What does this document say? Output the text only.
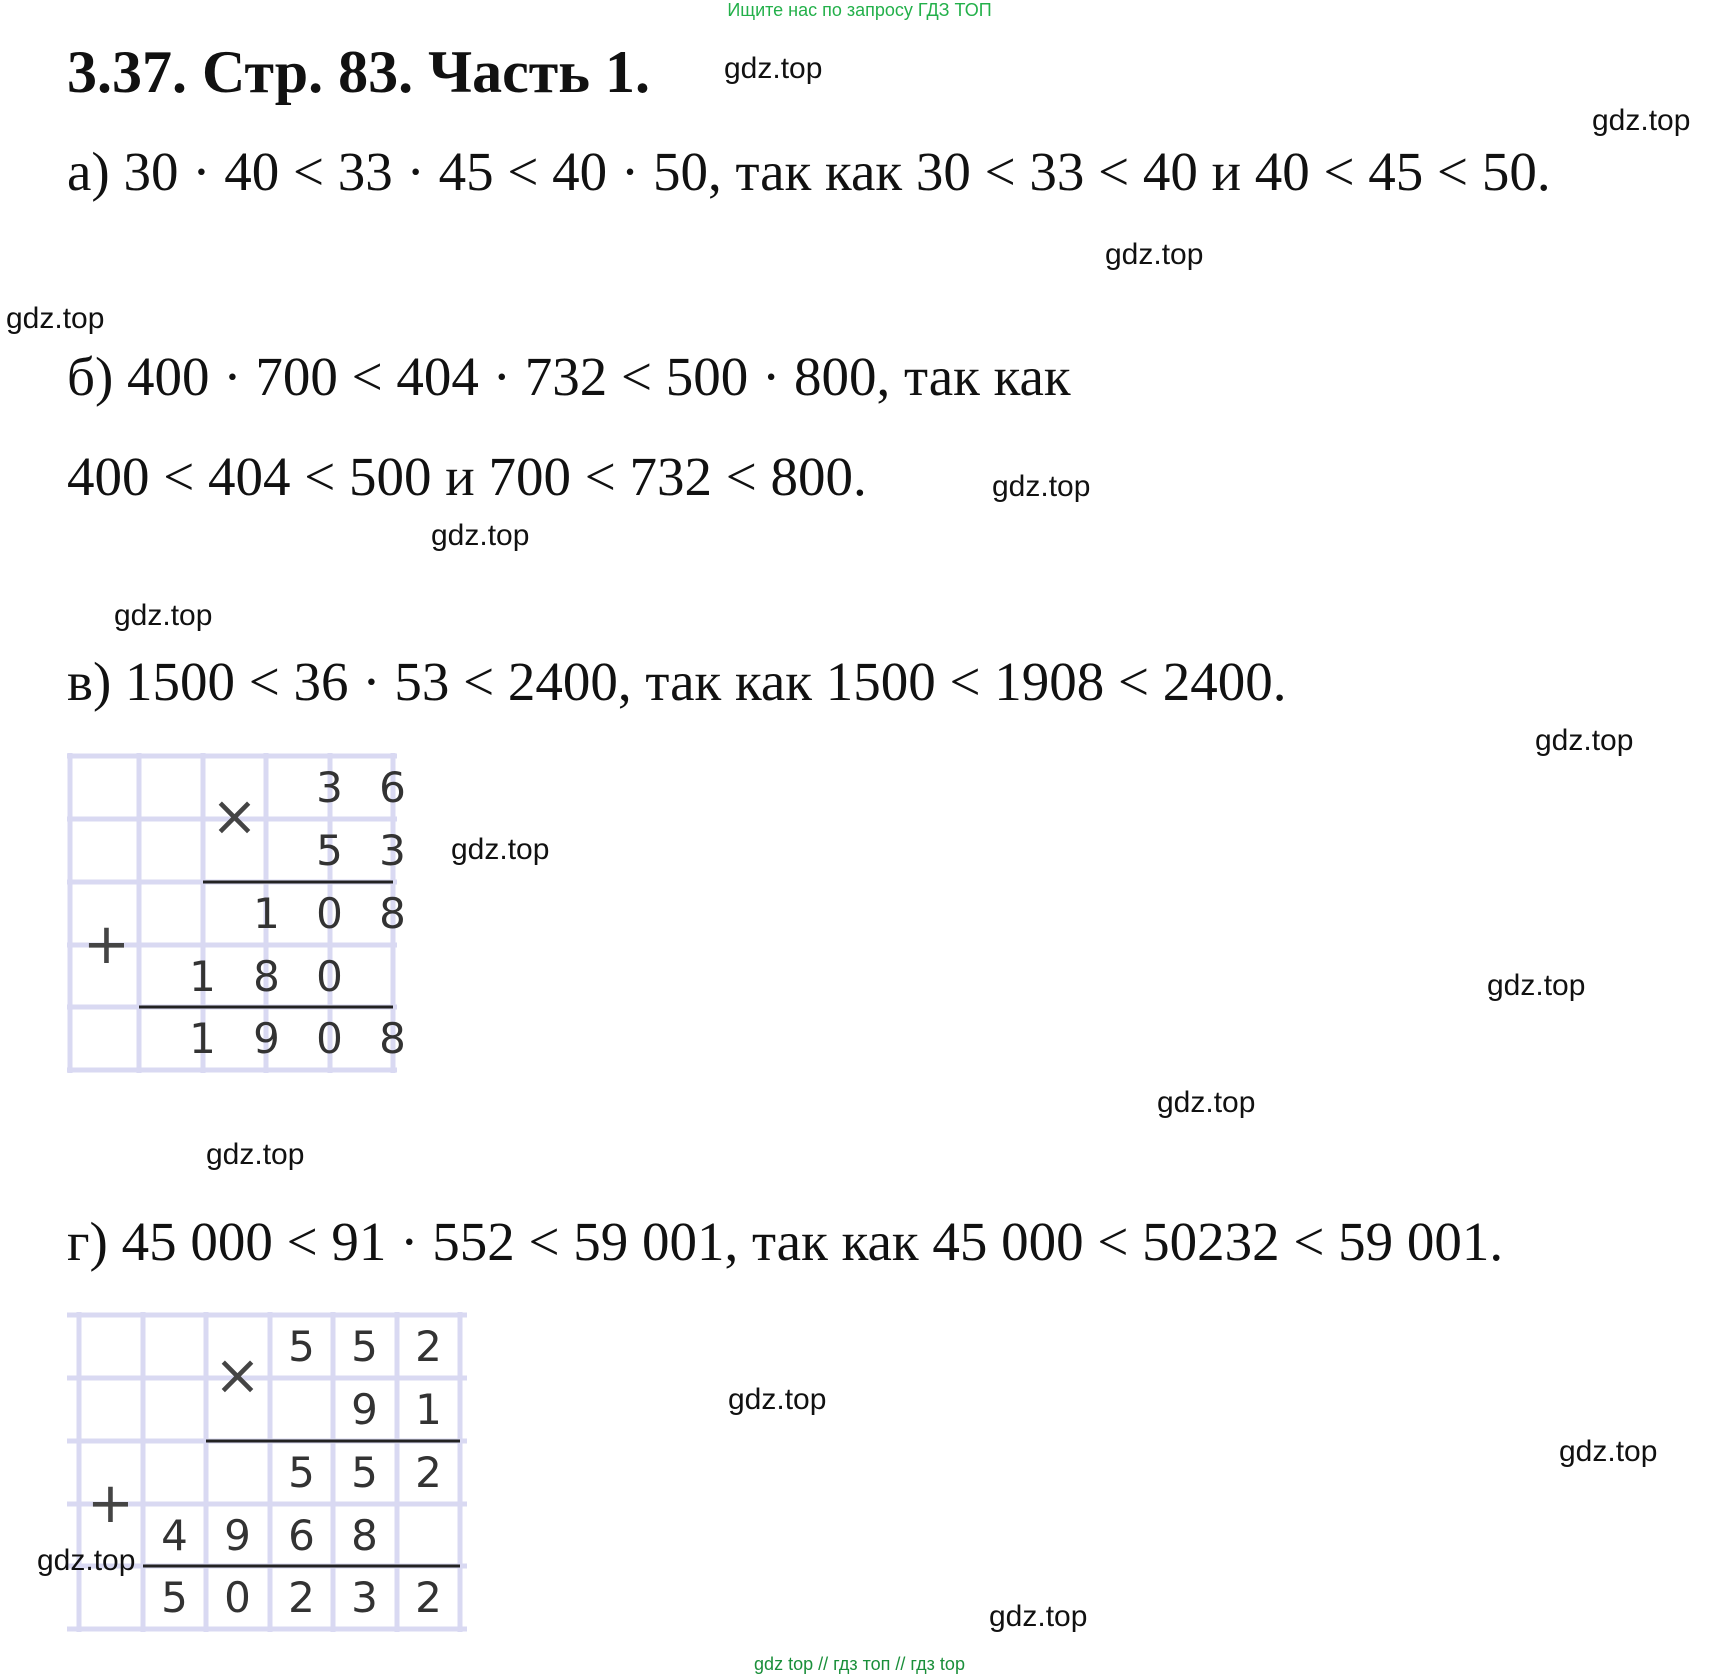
Ищите нас по запросу ГДЗ ТОП
3.37. Стр. 83. Часть 1.
а) 30 · 40 < 33 · 45 < 40 · 50, так как 30 < 33 < 40 и 40 < 45 < 50.
б) 400 · 700 < 404 · 732 < 500 · 800, так как
400 < 404 < 500 и 700 < 732 < 800.
в) 1500 < 36 · 53 < 2400, так как 1500 < 1908 < 2400.
г) 45 000 < 91 · 552 < 59 001, так как 45 000 < 50232 < 59 001.
×
+
3 6
5 3
1 0 8
1 8 0
1 9 0 8
×
+
5 5 2
9 1
5 5 2
4 9 6 8
5 0 2 3 2
gdz.top
gdz.top
gdz.top
gdz.top
gdz.top
gdz.top
gdz.top
gdz.top
gdz.top
gdz.top
gdz.top
gdz.top
gdz.top
gdz.top
gdz.top
gdz.top
gdz top // гдз топ // гдз top
